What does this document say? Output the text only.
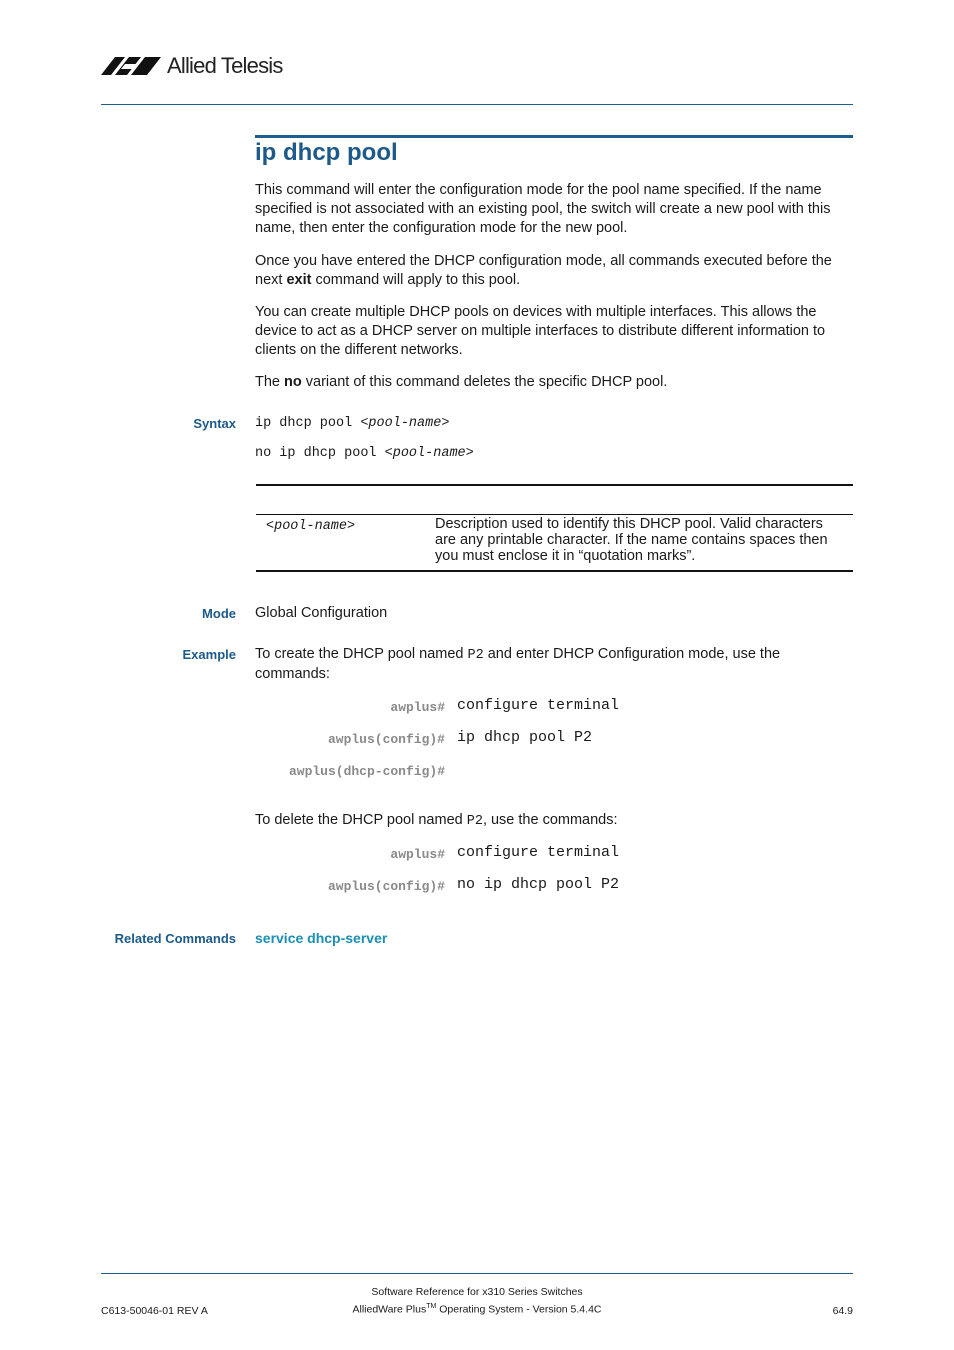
Allied Telesis
ip dhcp pool

This command will enter the configuration mode for the pool name specified. If the name specified is not associated with an existing pool, the switch will create a new pool with this name, then enter the configuration mode for the new pool.

Once you have entered the DHCP configuration mode, all commands executed before the next exit command will apply to this pool.

You can create multiple DHCP pools on devices with multiple interfaces. This allows the device to act as a DHCP server on multiple interfaces to distribute different information to clients on the different networks.

The no variant of this command deletes the specific DHCP pool.

Syntax ip dhcp pool <pool-name>
no ip dhcp pool <pool-name>
<pool-name>	Description used to identify this DHCP pool. Valid characters are any printable character. If the name contains spaces then you must enclose it in “quotation marks”.
Mode Global Configuration
Example To create the DHCP pool named P2 and enter DHCP Configuration mode, use the commands:

awplus# configure terminal
awplus(config)# ip dhcp pool P2
awplus(dhcp-config)#

To delete the DHCP pool named P2, use the commands:

awplus# configure terminal
awplus(config)# no ip dhcp pool P2
Related Commands service dhcp-server
Software Reference for x310 Series Switches
C613-50046-01 REV A	AlliedWare Plus™ Operating System - Version 5.4.4C	64.9
